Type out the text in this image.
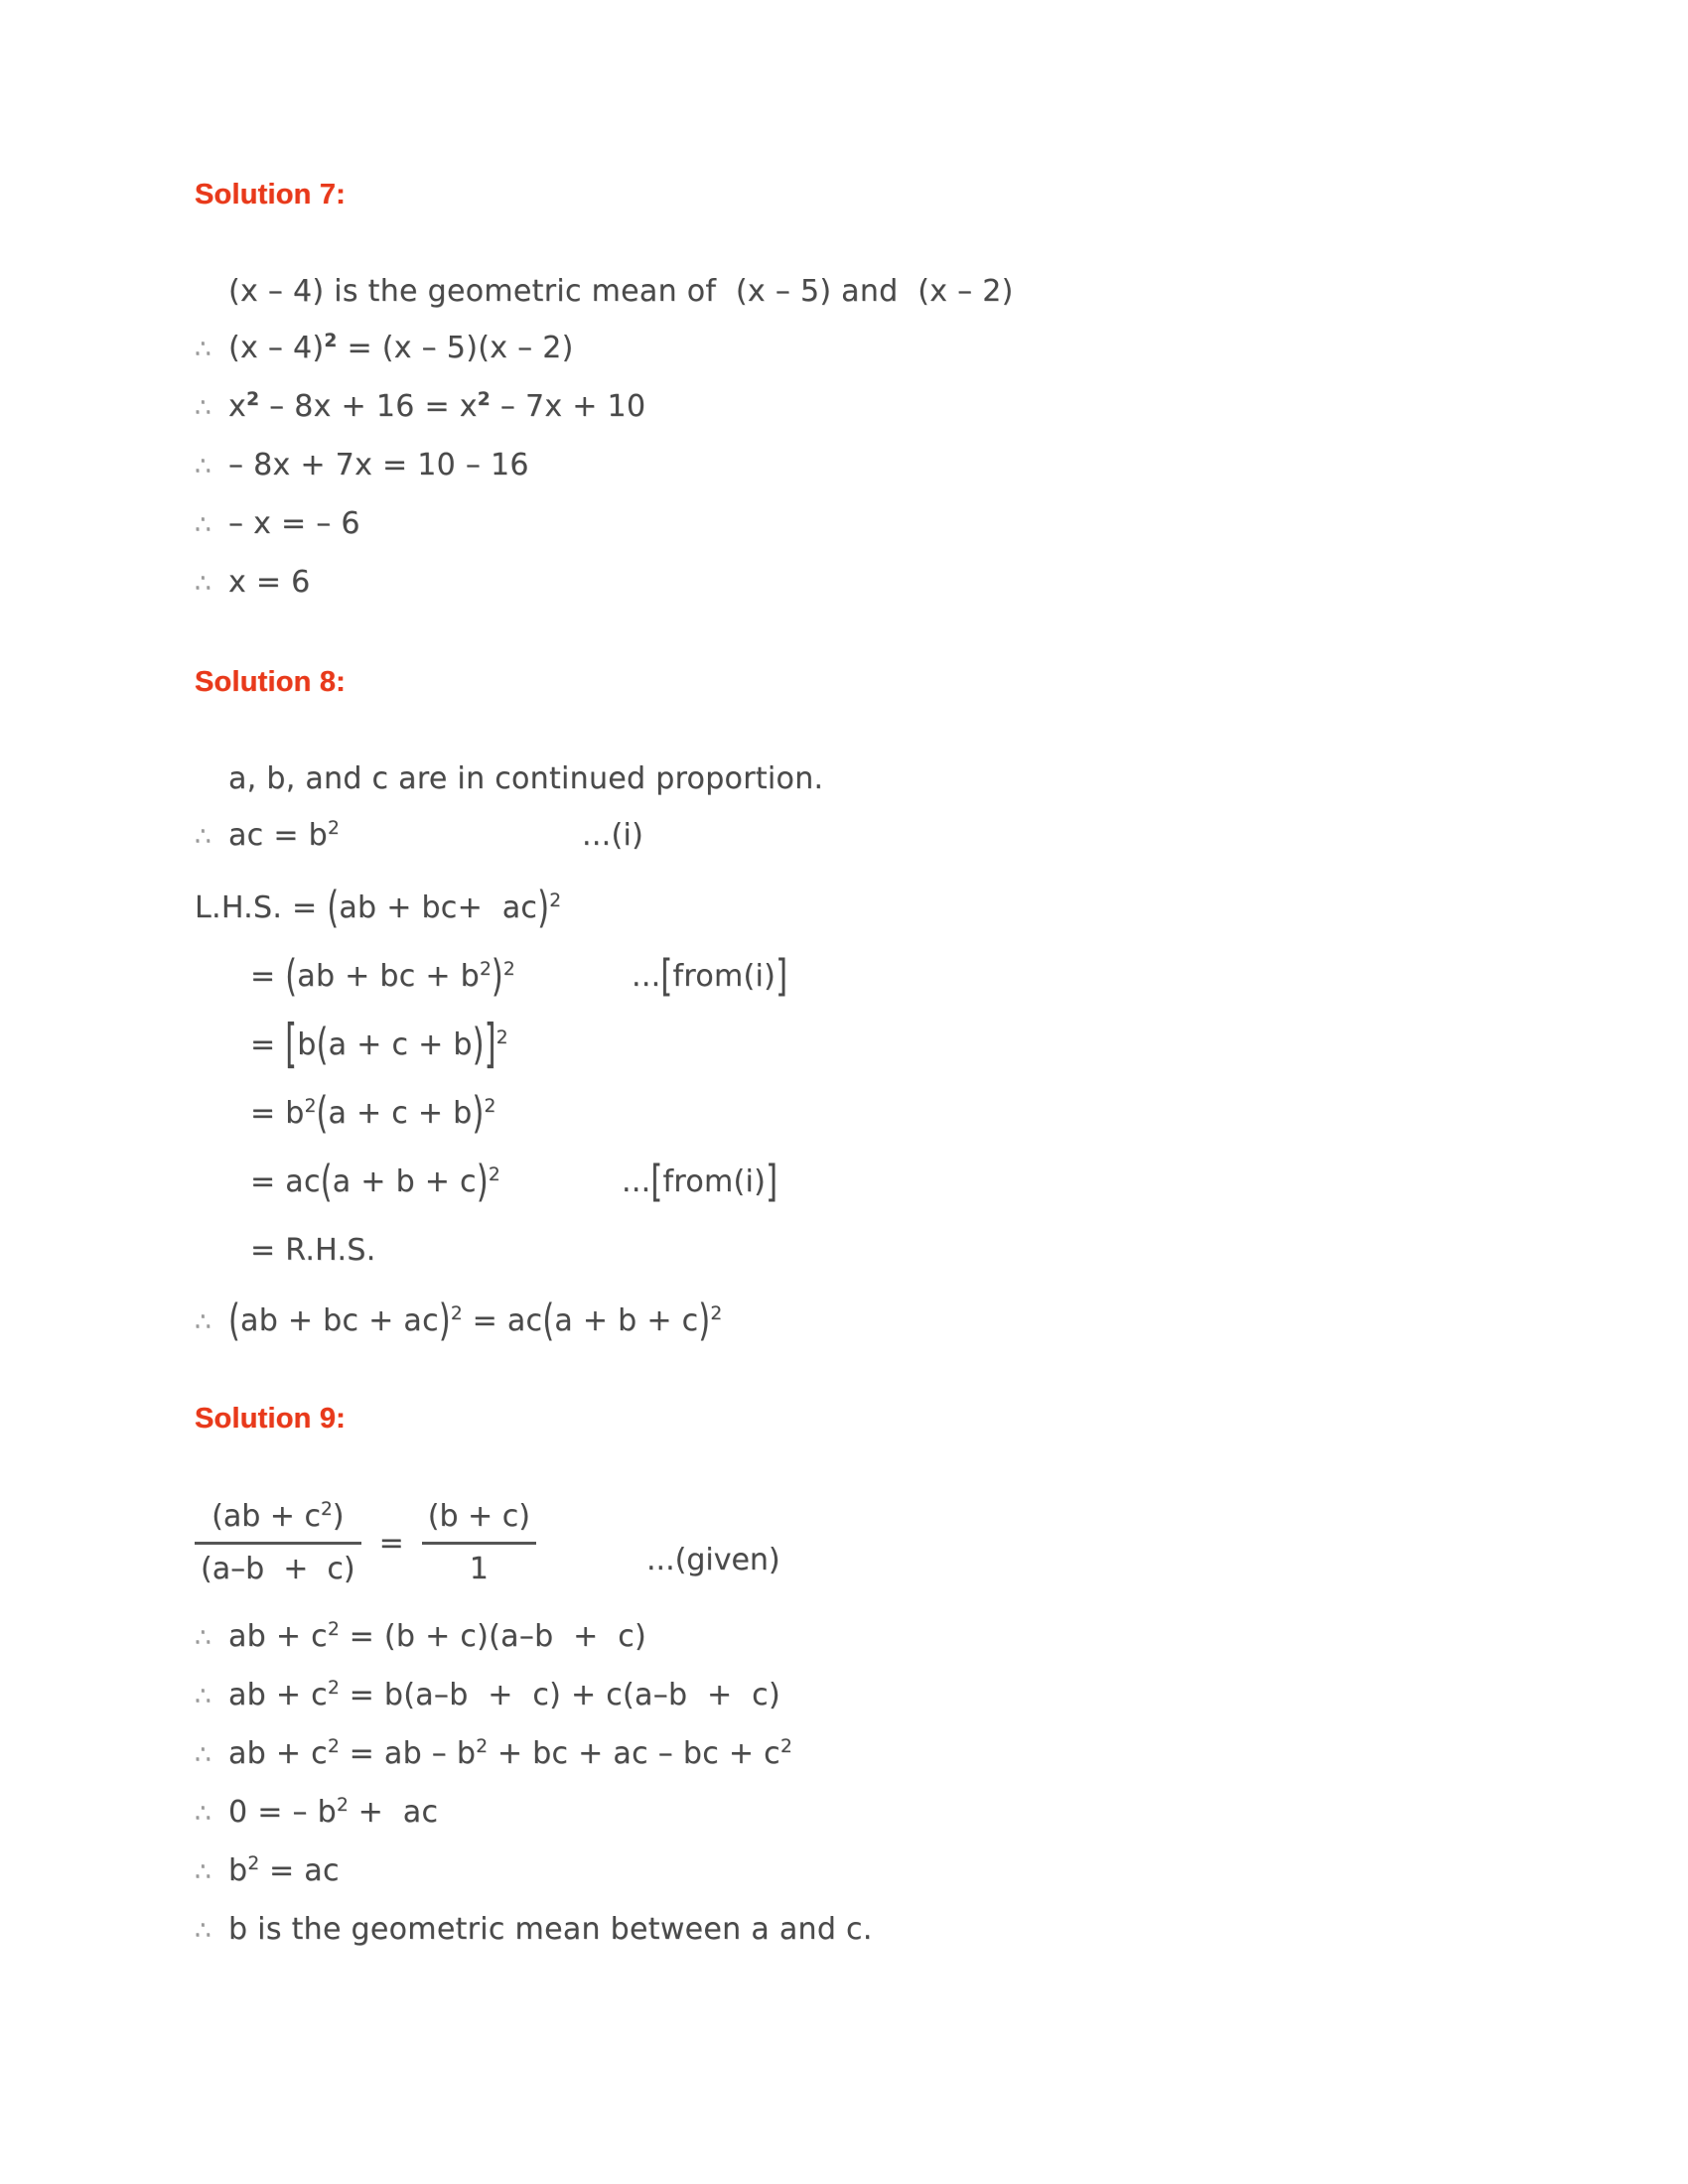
Solution 7:
(x – 4) is the geometric mean of  (x – 5) and  (x – 2)
∴ (x – 4)$^2$ = (x – 5)(x – 2)
∴ $x^2 - 8x + 16 = x^2 - 7x + 10$
∴ – 8x + 7x = 10 – 16
∴ – x = – 6
∴ x = 6
Solution 8:
a, b, and c are in continued proportion.
∴ ac = $b^2$	...(i)
L.H.S. = (ab + bc+  ac)$^2$
= (ab + bc + $b^2)^2$	...[from(i)]
= $[b(a + c + b)]^2$
= $b^2(a + c + b)^2$
= $ac(a + b + c)^2$	...[from(i)]
= R.H.S.
∴ (ab + bc + $ac)^2 = ac(a + b + c)^2$
Solution 9:
$\frac{(ab + c^2)}{(a-b + c)} = \frac{(b + c)}{1}$	...(given)
∴ ab + $c^2 = (b + c)(a-b + c)$
∴ ab + $c^2 = b(a-b + c) + c(a-b + c)$
∴ ab + $c^2$ = ab – $b^2$ + bc + ac – bc + $c^2$
∴ 0 = – $b^2$ +  ac
∴ $b^2$ = ac
∴ b is the geometric mean between a and c.
